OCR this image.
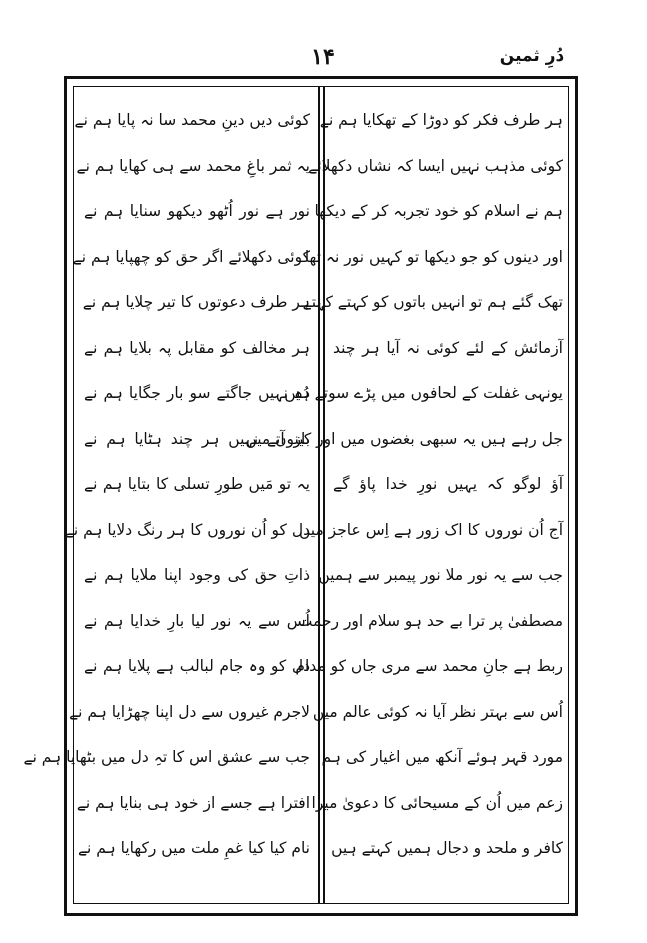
دُرِ ثمین
۱۴
ہر طرف فکر کو دوڑا کے تھکایا ہم نے
کوئی مذہب نہیں ایسا کہ نشاں دکھلائے
ہم نے اسلام کو خود تجربہ کر کے دیکھا
اور دینوں کو جو دیکھا تو کہیں نور نہ تھا
تھک گئے ہم تو انہیں باتوں کو کہتے کہتے
آزمائش کے لئے کوئی نہ آیا ہر چند
یونہی غفلت کے لحافوں میں پڑے سوتے ہیں
جل رہے ہیں یہ سبھی بغضوں میں اور کینوں میں
آؤ لوگو کہ یہیں نورِ خدا پاؤ گے
آج اُن نوروں کا اک زور ہے اِس عاجز میں
جب سے یہ نور ملا نور پیمبر سے ہمیں
مصطفیٰ پر ترا بے حد ہو سلام اور رحمت
ربط ہے جانِ محمد سے مری جاں کو مدام
اُس سے بہتر نظر آیا نہ کوئی عالم میں
مورد قہر ہوئے آنکھ میں اغیار کی ہم
زعم میں اُن کے مسیحائی کا دعویٰ میرا
کافر و ملحد و دجال ہمیں کہتے ہیں
کوئی دیں دینِ محمد سا نہ پایا ہم نے
یہ ثمر باغِ محمد سے ہی کھایا ہم نے
نور ہے نور اُٹھو دیکھو سنایا ہم نے
کوئی دکھلائے اگر حق کو چھپایا ہم نے
ہر طرف دعوتوں کا تیر چلایا ہم نے
ہر مخالف کو مقابل پہ بلایا ہم نے
دُہ نہیں جاگتے سو بار جگایا ہم نے
باز آتے نہیں ہر چند ہٹایا ہم نے
یہ تو مَیں طورِ تسلی کا بتایا ہم نے
دل کو اُن نوروں کا ہر رنگ دلایا ہم نے
ذاتِ حق کی وجود اپنا ملایا ہم نے
اُس سے یہ نور لیا بارِ خدایا ہم نے
دل کو وہ جام لبالب ہے پلایا ہم نے
لاجرم غیروں سے دل اپنا چھڑایا ہم نے
جب سے عشق اس کا تہِ دل میں بٹھایا ہم نے
افترا ہے جسے از خود ہی بنایا ہم نے
نام کیا کیا غمِ ملت میں رکھایا ہم نے
